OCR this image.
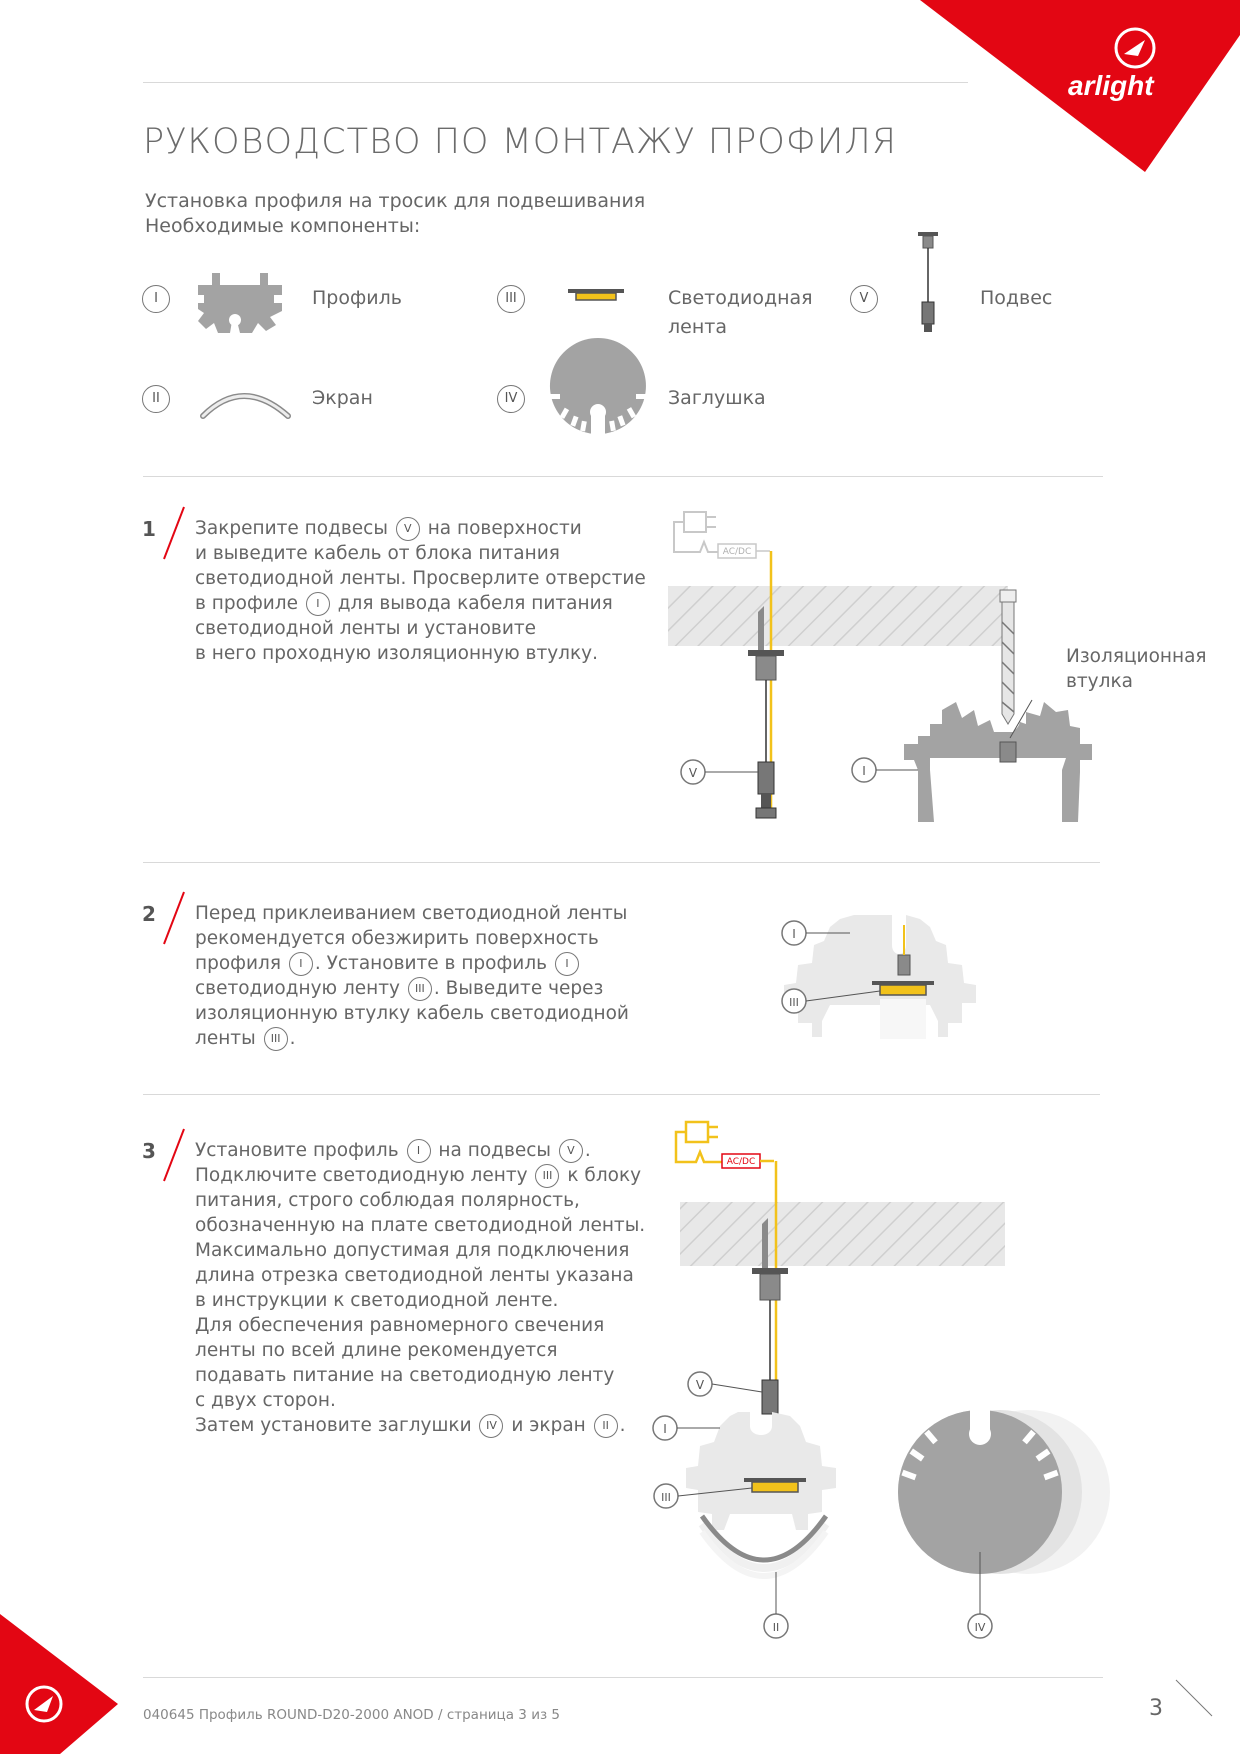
arlight
РУКОВОДСТВО ПО МОНТАЖУ ПРОФИЛЯ
Установка профиля на тросик для подвешивания
Необходимые компоненты:
I	Профиль
II	Экран
III	Светодиодная
лента
IV	Заглушка
V	Подвес
1 Закрепите подвесы V на поверхности
и выведите кабель от блока питания
светодиодной ленты. Просверлите отверстие
в профиле I для вывода кабеля питания
светодиодной ленты и установите
в него проходную изоляционную втулку.
AC/DC
V	I
Изоляционная
втулка
2 Перед приклеиванием светодиодной ленты
рекомендуется обезжирить поверхность
профиля I . Установите в профиль I
светодиодную ленту III . Выведите через
изоляционную втулку кабель светодиодной
ленты III .
I
III
3 Установите профиль I на подвесы V .
Подключите светодиодную ленту III к блоку
питания, строго соблюдая полярность,
обозначенную на плате светодиодной ленты.
Максимально допустимая для подключения
длина отрезка светодиодной ленты указана
в инструкции к светодиодной ленте.
Для обеспечения равномерного свечения
ленты по всей длине рекомендуется
подавать питание на светодиодную ленту
с двух сторон.
Затем установите заглушки IV и экран II .
AC/DC
V
I
III
II	IV
040645 Профиль ROUND-D20-2000 ANOD / страница 3 из 5	3
